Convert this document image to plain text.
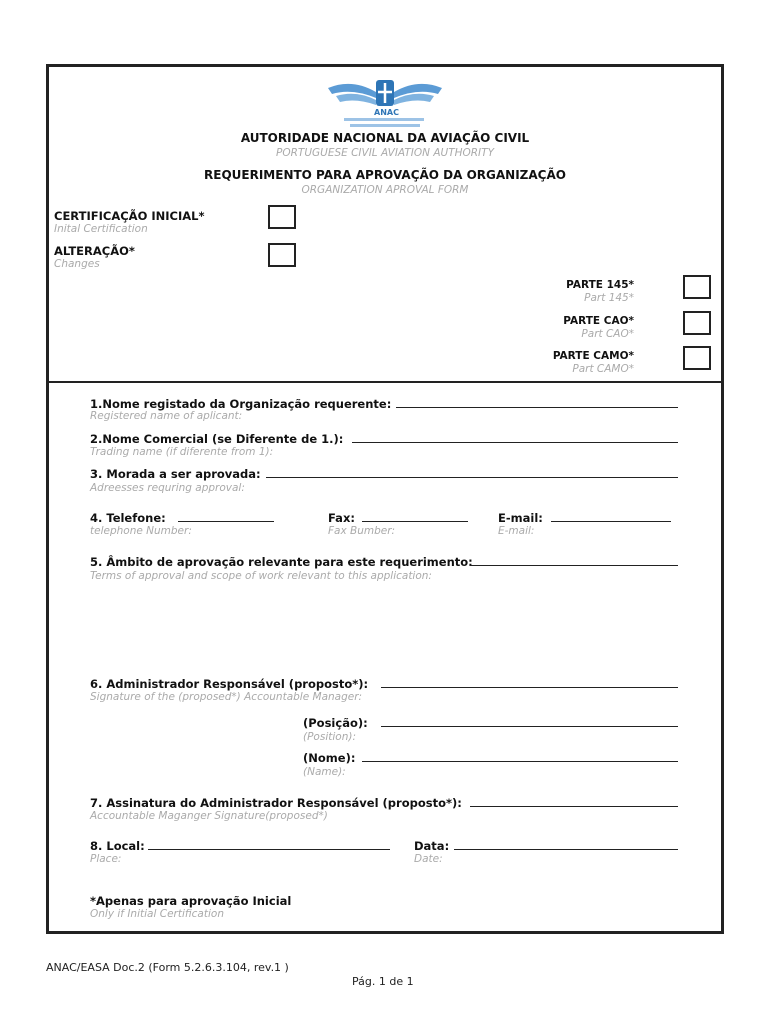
ANAC
AUTORIDADE NACIONAL DA AVIAÇÃO CIVIL
PORTUGUESE CIVIL AVIATION AUTHORITY
REQUERIMENTO PARA APROVAÇÃO DA ORGANIZAÇÃO
ORGANIZATION APROVAL FORM
CERTIFICAÇÃO INICIAL*
Inital Certification
ALTERAÇÃO*
Changes
PARTE 145*
Part 145*
PARTE CAO*
Part CAO*
PARTE CAMO*
Part CAMO*
1.Nome registado da Organização requerente:
Registered name of aplicant:
2.Nome Comercial (se Diferente de 1.):
Trading name (if diferente from 1):
3. Morada a ser aprovada:
Adreesses requring approval:
4. Telefone:
telephone Number:
Fax:
Fax Bumber:
E-mail:
E-mail:
5. Âmbito de aprovação relevante para este requerimento:
Terms of approval and scope of work relevant to this application:
6. Administrador Responsável (proposto*):
Signature of the (proposed*) Accountable Manager:
(Posição):
(Position):
(Nome):
(Name):
7. Assinatura do Administrador Responsável (proposto*):
Accountable Maganger Signature(proposed*)
8. Local:
Place:
Data:
Date:
*Apenas para aprovação Inicial
Only if Initial Certification
ANAC/EASA Doc.2 (Form 5.2.6.3.104, rev.1 )
Pág. 1 de 1
